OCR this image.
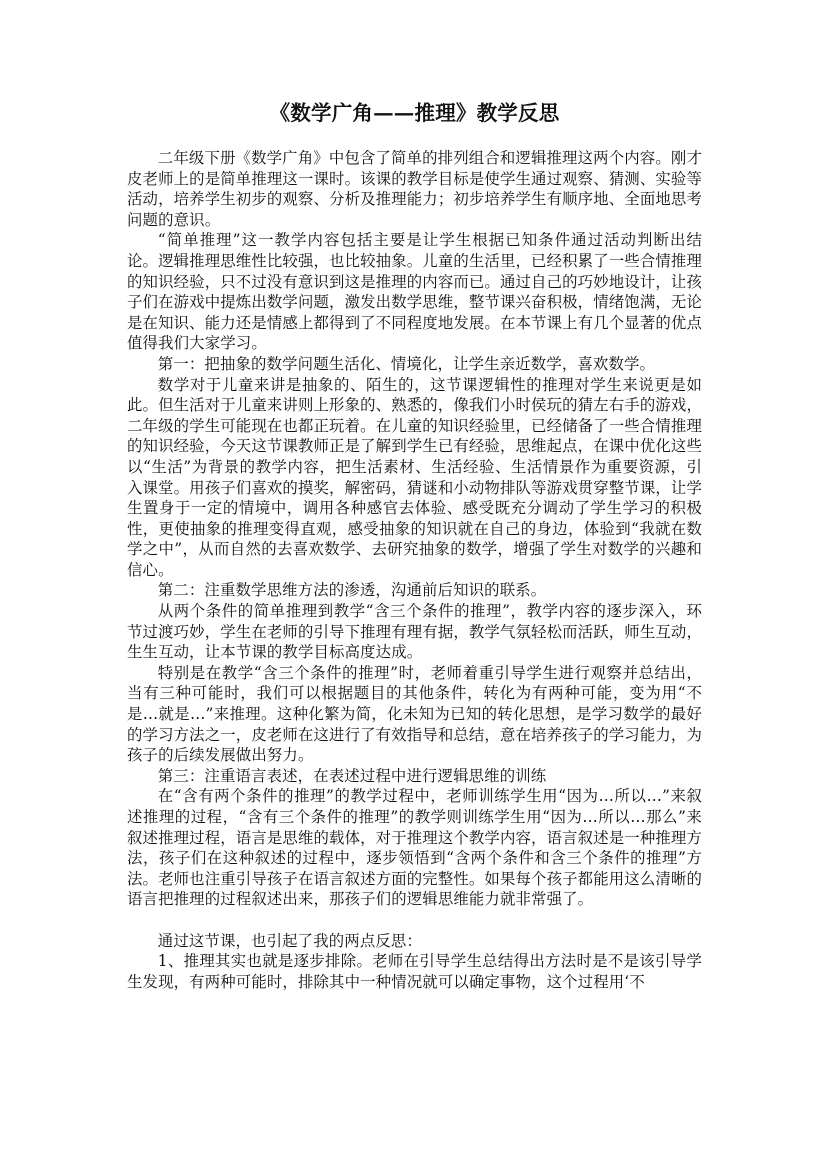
《数学广角——推理》教学反思

二年级下册《数学广角》中包含了简单的排列组合和逻辑推理这两个内容。刚才皮老师上的是简单推理这一课时。该课的教学目标是使学生通过观察、猜测、实验等活动，培养学生初步的观察、分析及推理能力；初步培养学生有顺序地、全面地思考问题的意识。

“简单推理”这一教学内容包括主要是让学生根据已知条件通过活动判断出结论。逻辑推理思维性比较强，也比较抽象。儿童的生活里，已经积累了一些合情推理的知识经验，只不过没有意识到这是推理的内容而已。通过自己的巧妙地设计，让孩子们在游戏中提炼出数学问题，激发出数学思维，整节课兴奋积极，情绪饱满，无论是在知识、能力还是情感上都得到了不同程度地发展。在本节课上有几个显著的优点值得我们大家学习。

第一：把抽象的数学问题生活化、情境化，让学生亲近数学，喜欢数学。

数学对于儿童来讲是抽象的、陌生的，这节课逻辑性的推理对学生来说更是如此。但生活对于儿童来讲则上形象的、熟悉的，像我们小时侯玩的猜左右手的游戏，二年级的学生可能现在也都正玩着。在儿童的知识经验里，已经储备了一些合情推理的知识经验，今天这节课教师正是了解到学生已有经验，思维起点，在课中优化这些以“生活”为背景的教学内容，把生活素材、生活经验、生活情景作为重要资源，引入课堂。用孩子们喜欢的摸奖，解密码，猜谜和小动物排队等游戏贯穿整节课，让学生置身于一定的情境中，调用各种感官去体验、感受既充分调动了学生学习的积极性，更使抽象的推理变得直观，感受抽象的知识就在自己的身边，体验到“我就在数学之中”，从而自然的去喜欢数学、去研究抽象的数学，增强了学生对数学的兴趣和信心。

第二：注重数学思维方法的渗透，沟通前后知识的联系。

从两个条件的简单推理到教学“含三个条件的推理”，教学内容的逐步深入，环节过渡巧妙，学生在老师的引导下推理有理有据，教学气氛轻松而活跃，师生互动，生生互动，让本节课的教学目标高度达成。

特别是在教学“含三个条件的推理”时，老师着重引导学生进行观察并总结出，当有三种可能时，我们可以根据题目的其他条件，转化为有两种可能，变为用“不是…就是…”来推理。这种化繁为简，化未知为已知的转化思想，是学习数学的最好的学习方法之一，皮老师在这进行了有效指导和总结，意在培养孩子的学习能力，为孩子的后续发展做出努力。

第三：注重语言表述，在表述过程中进行逻辑思维的训练

在“含有两个条件的推理”的教学过程中，老师训练学生用“因为…所以…”来叙述推理的过程，“含有三个条件的推理”的教学则训练学生用“因为…所以…那么”来叙述推理过程，语言是思维的载体，对于推理这个教学内容，语言叙述是一种推理方法，孩子们在这种叙述的过程中，逐步领悟到“含两个条件和含三个条件的推理”方法。老师也注重引导孩子在语言叙述方面的完整性。如果每个孩子都能用这么清晰的语言把推理的过程叙述出来，那孩子们的逻辑思维能力就非常强了。

通过这节课，也引起了我的两点反思：

1、推理其实也就是逐步排除。老师在引导学生总结得出方法时是不是该引导学生发现，有两种可能时，排除其中一种情况就可以确定事物，这个过程用‘不
